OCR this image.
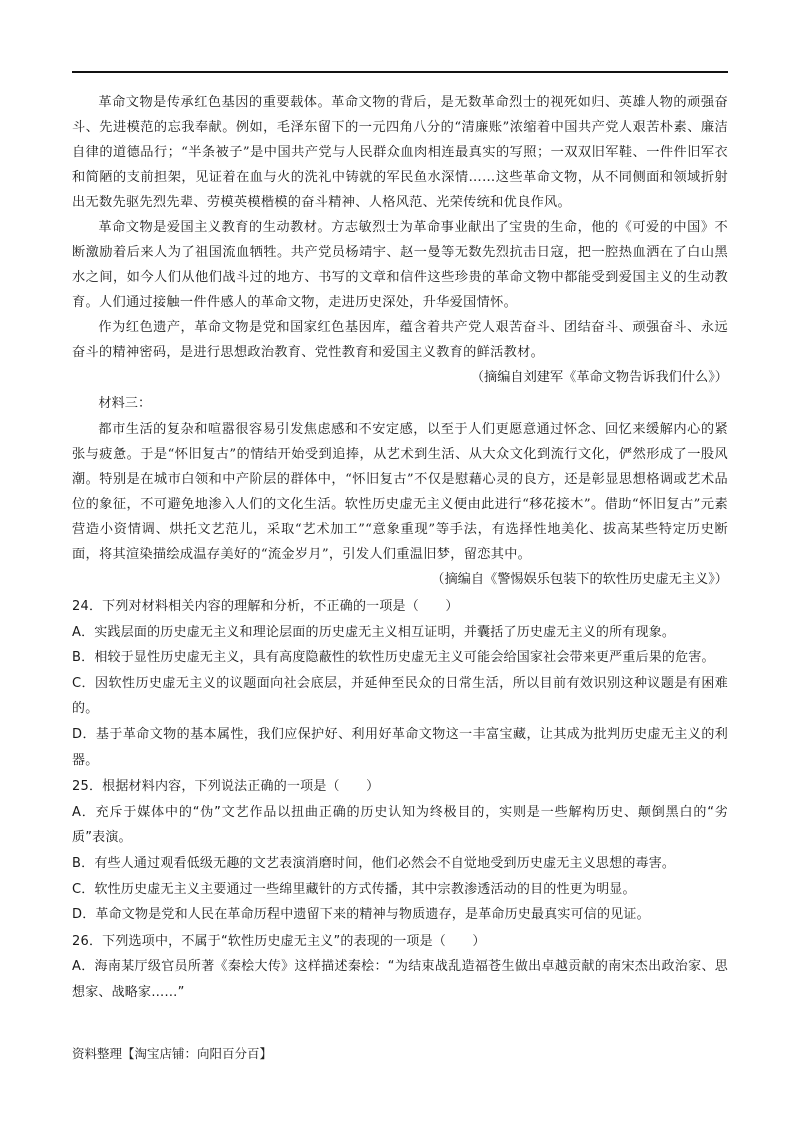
革命文物是传承红色基因的重要载体。革命文物的背后，是无数革命烈士的视死如归、英雄人物的顽强奋斗、先进模范的忘我奉献。例如，毛泽东留下的一元四角八分的“清廉账”浓缩着中国共产党人艰苦朴素、廉洁自律的道德品行；“半条被子”是中国共产党与人民群众血肉相连最真实的写照；一双双旧军鞋、一件件旧军衣和简陋的支前担架，见证着在血与火的洗礼中铸就的军民鱼水深情……这些革命文物，从不同侧面和领域折射出无数先驱先烈先辈、劳模英模楷模的奋斗精神、人格风范、光荣传统和优良作风。

革命文物是爱国主义教育的生动教材。方志敏烈士为革命事业献出了宝贵的生命，他的《可爱的中国》不断激励着后来人为了祖国流血牺牲。共产党员杨靖宇、赵一曼等无数先烈抗击日寇，把一腔热血洒在了白山黑水之间，如今人们从他们战斗过的地方、书写的文章和信件这些珍贵的革命文物中都能受到爱国主义的生动教育。人们通过接触一件件感人的革命文物，走进历史深处，升华爱国情怀。

作为红色遗产，革命文物是党和国家红色基因库，蕴含着共产党人艰苦奋斗、团结奋斗、顽强奋斗、永远奋斗的精神密码，是进行思想政治教育、党性教育和爱国主义教育的鲜活教材。

（摘编自刘建军《革命文物告诉我们什么》）

材料三：

都市生活的复杂和喧嚣很容易引发焦虑感和不安定感，以至于人们更愿意通过怀念、回忆来缓解内心的紧张与疲惫。于是“怀旧复古”的情结开始受到追捧，从艺术到生活、从大众文化到流行文化，俨然形成了一股风潮。特别是在城市白领和中产阶层的群体中，“怀旧复古”不仅是慰藉心灵的良方，还是彰显思想格调或艺术品位的象征，不可避免地渗入人们的文化生活。软性历史虚无主义便由此进行“移花接木”。借助“怀旧复古”元素营造小资情调、烘托文艺范儿，采取“艺术加工”“意象重现”等手法，有选择性地美化、拔高某些特定历史断面，将其渲染描绘成温存美好的“流金岁月”，引发人们重温旧梦，留恋其中。

（摘编自《警惕娱乐包装下的软性历史虚无主义》）

24．下列对材料相关内容的理解和分析，不正确的一项是（　　）

A．实践层面的历史虚无主义和理论层面的历史虚无主义相互证明，并囊括了历史虚无主义的所有现象。

B．相较于显性历史虚无主义，具有高度隐蔽性的软性历史虚无主义可能会给国家社会带来更严重后果的危害。

C．因软性历史虚无主义的议题面向社会底层，并延伸至民众的日常生活，所以目前有效识别这种议题是有困难的。

D．基于革命文物的基本属性，我们应保护好、利用好革命文物这一丰富宝藏，让其成为批判历史虚无主义的利器。

25．根据材料内容，下列说法正确的一项是（　　）

A．充斥于媒体中的“伪”文艺作品以扭曲正确的历史认知为终极目的，实则是一些解构历史、颠倒黑白的“劣质”表演。

B．有些人通过观看低级无趣的文艺表演消磨时间，他们必然会不自觉地受到历史虚无主义思想的毒害。

C．软性历史虚无主义主要通过一些绵里藏针的方式传播，其中宗教渗透活动的目的性更为明显。

D．革命文物是党和人民在革命历程中遗留下来的精神与物质遗存，是革命历史最真实可信的见证。

26．下列选项中，不属于“软性历史虚无主义”的表现的一项是（　　）

A．海南某厅级官员所著《秦桧大传》这样描述秦桧：“为结束战乱造福苍生做出卓越贡献的南宋杰出政治家、思想家、战略家……”

资料整理【淘宝店铺：向阳百分百】
